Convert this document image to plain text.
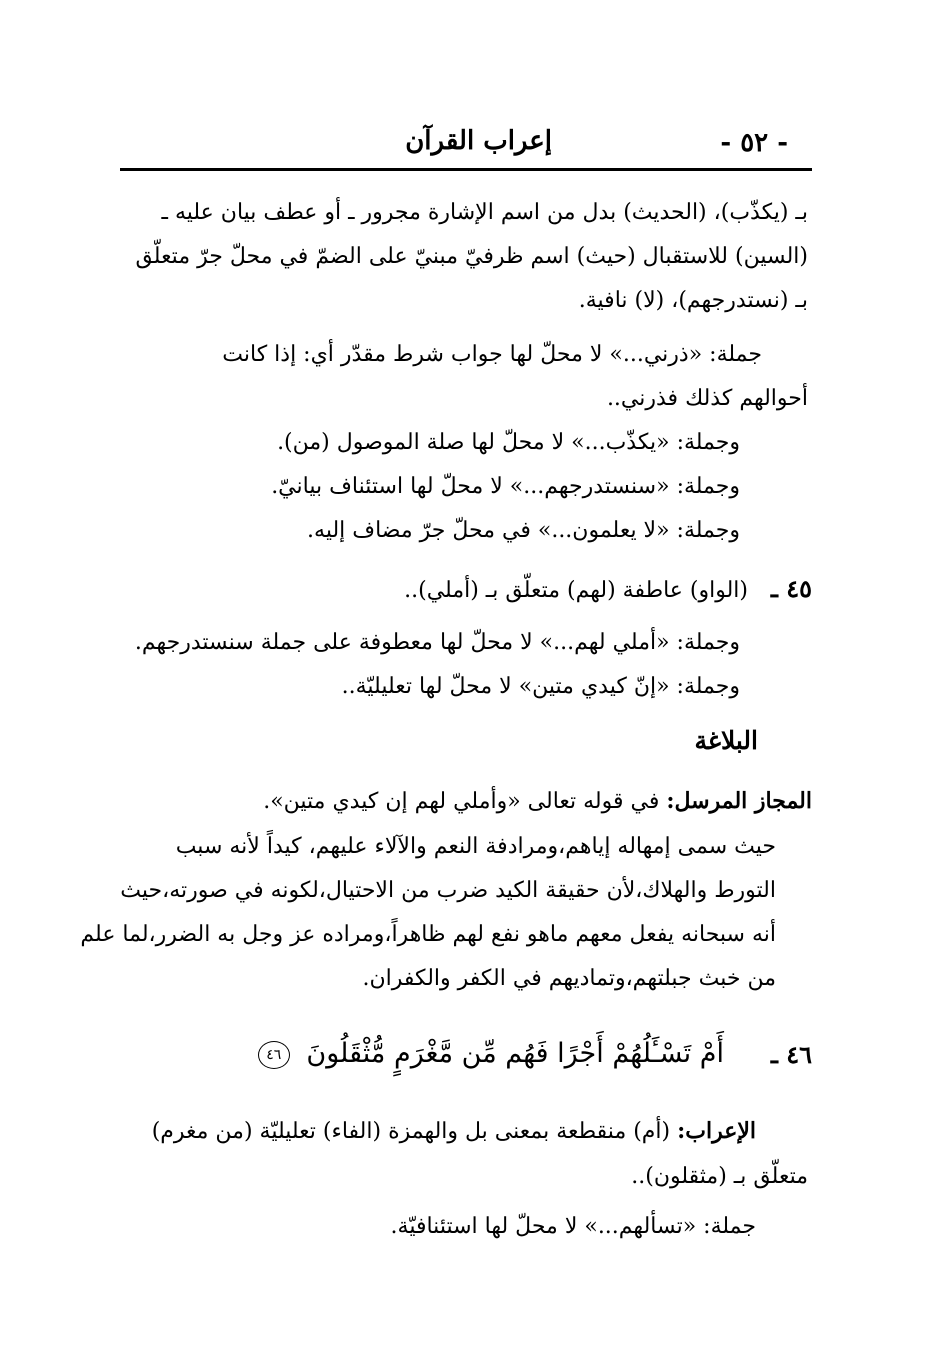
- ٥٢ -
إعراب القرآن
بـ (يكذّب)، (الحديث) بدل من اسم الإشارة مجرور ـ أو عطف بيان عليه ـ
(السين) للاستقبال (حيث) اسم ظرفيّ مبنيّ على الضمّ في محلّ جرّ متعلّق
بـ (نستدرجهم)، (لا) نافية.
جملة: «ذرني...» لا محلّ لها جواب شرط مقدّر أي: إذا كانت
أحوالهم كذلك فذرني..
وجملة: «يكذّب...» لا محلّ لها صلة الموصول (من).
وجملة: «سنستدرجهم...» لا محلّ لها استئناف بيانيّ.
وجملة: «لا يعلمون...» في محلّ جرّ مضاف إليه.
٤٥ ـ
(الواو) عاطفة (لهم) متعلّق بـ (أملي)..
وجملة: «أملي لهم...» لا محلّ لها معطوفة على جملة سنستدرجهم.
وجملة: «إنّ كيدي متين» لا محلّ لها تعليليّة..
البلاغة
المجاز المرسل: في قوله تعالى «وأملي لهم إن كيدي متين».
حيث سمى إمهاله إياهم،ومرادفة النعم والآلاء عليهم، كيداً لأنه سبب
التورط والهلاك،لأن حقيقة الكيد ضرب من الاحتيال،لكونه في صورته،حيث
أنه سبحانه يفعل معهم ماهو نفع لهم ظاهراً،ومراده عز وجل به الضرر،لما علم
من خبث جبلتهم،وتماديهم في الكفر والكفران.
٤٦ ـ
أَمْ تَسْـَٔلُهُمْ أَجْرًا فَهُم مِّن مَّغْرَمٍ مُّثْقَلُونَ ٤٦
الإعراب: (أم) منقطعة بمعنى بل والهمزة (الفاء) تعليليّة (من مغرم)
متعلّق بـ (مثقلون)..
جملة: «تسألهم...» لا محلّ لها استئنافيّة.
